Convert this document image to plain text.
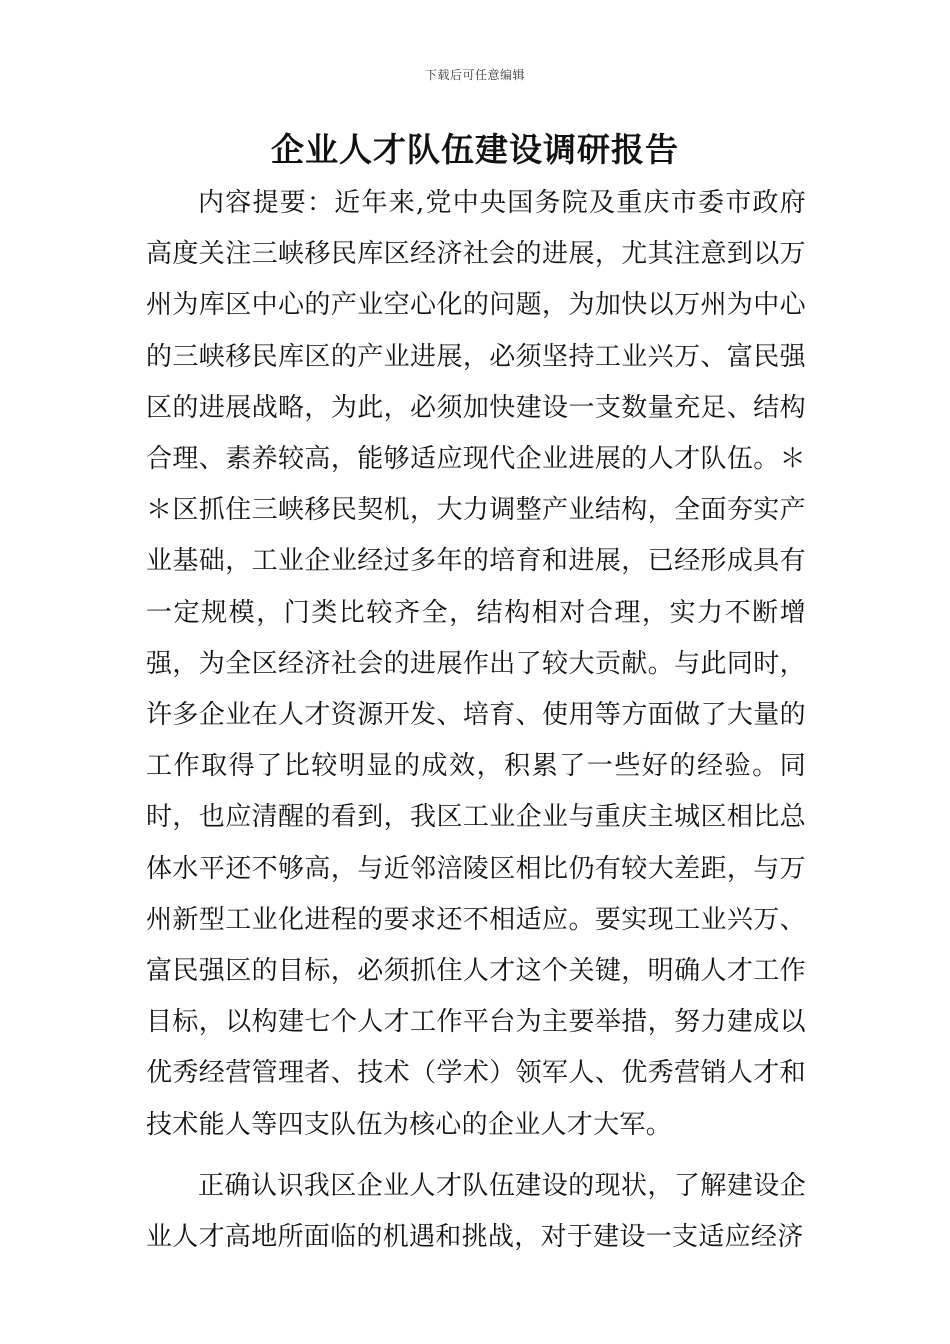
下载后可任意编辑
企业人才队伍建设调研报告

内容提要：近年来,党中央国务院及重庆市委市政府高度关注三峡移民库区经济社会的进展，尤其注意到以万州为库区中心的产业空心化的问题，为加快以万州为中心的三峡移民库区的产业进展，必须坚持工业兴万、富民强区的进展战略，为此，必须加快建设一支数量充足、结构合理、素养较高，能够适应现代企业进展的人才队伍。＊＊区抓住三峡移民契机，大力调整产业结构，全面夯实产业基础，工业企业经过多年的培育和进展，已经形成具有一定规模，门类比较齐全，结构相对合理，实力不断增强，为全区经济社会的进展作出了较大贡献。与此同时，许多企业在人才资源开发、培育、使用等方面做了大量的工作取得了比较明显的成效，积累了一些好的经验。同时，也应清醒的看到，我区工业企业与重庆主城区相比总体水平还不够高，与近邻涪陵区相比仍有较大差距，与万州新型工业化进程的要求还不相适应。要实现工业兴万、富民强区的目标，必须抓住人才这个关键，明确人才工作目标，以构建七个人才工作平台为主要举措，努力建成以优秀经营管理者、技术（学术）领军人、优秀营销人才和技术能人等四支队伍为核心的企业人才大军。

正确认识我区企业人才队伍建设的现状，了解建设企业人才高地所面临的机遇和挑战，对于建设一支适应经济
